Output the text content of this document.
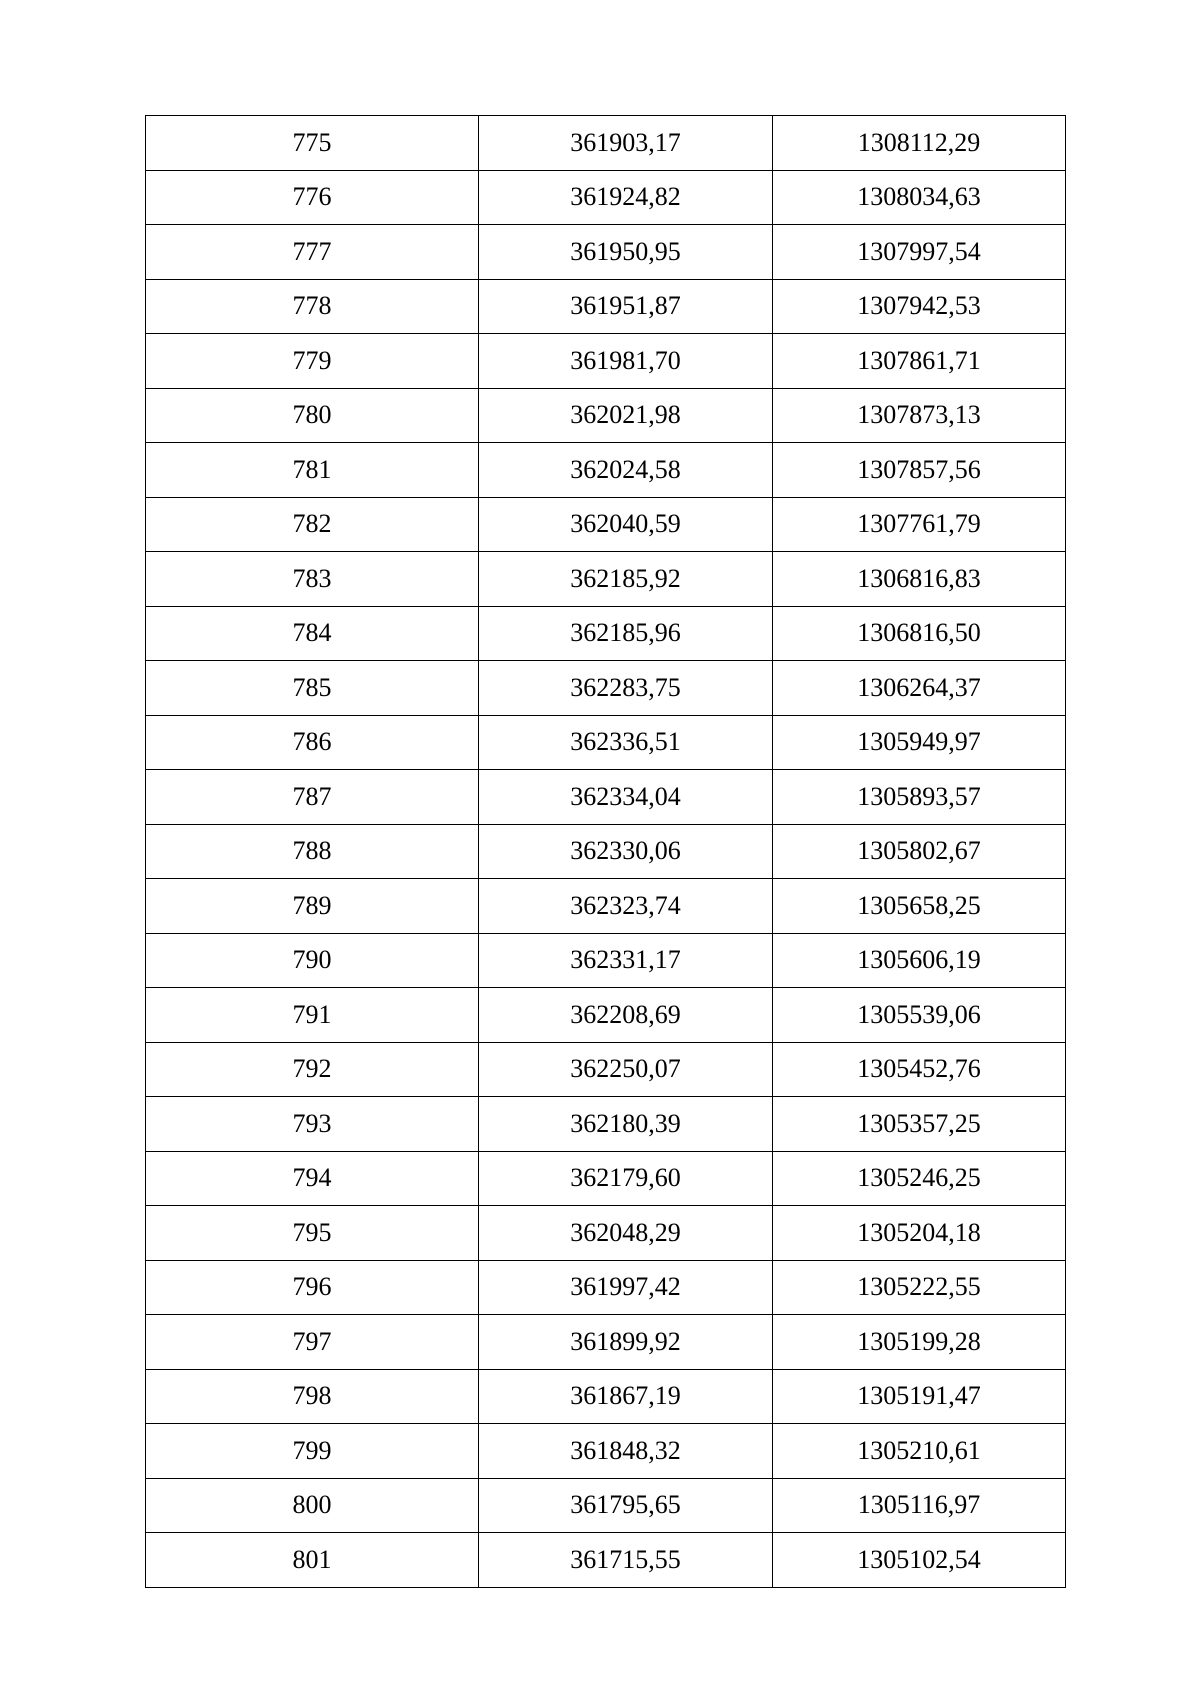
775	361903,17	1308112,29
776	361924,82	1308034,63
777	361950,95	1307997,54
778	361951,87	1307942,53
779	361981,70	1307861,71
780	362021,98	1307873,13
781	362024,58	1307857,56
782	362040,59	1307761,79
783	362185,92	1306816,83
784	362185,96	1306816,50
785	362283,75	1306264,37
786	362336,51	1305949,97
787	362334,04	1305893,57
788	362330,06	1305802,67
789	362323,74	1305658,25
790	362331,17	1305606,19
791	362208,69	1305539,06
792	362250,07	1305452,76
793	362180,39	1305357,25
794	362179,60	1305246,25
795	362048,29	1305204,18
796	361997,42	1305222,55
797	361899,92	1305199,28
798	361867,19	1305191,47
799	361848,32	1305210,61
800	361795,65	1305116,97
801	361715,55	1305102,54
